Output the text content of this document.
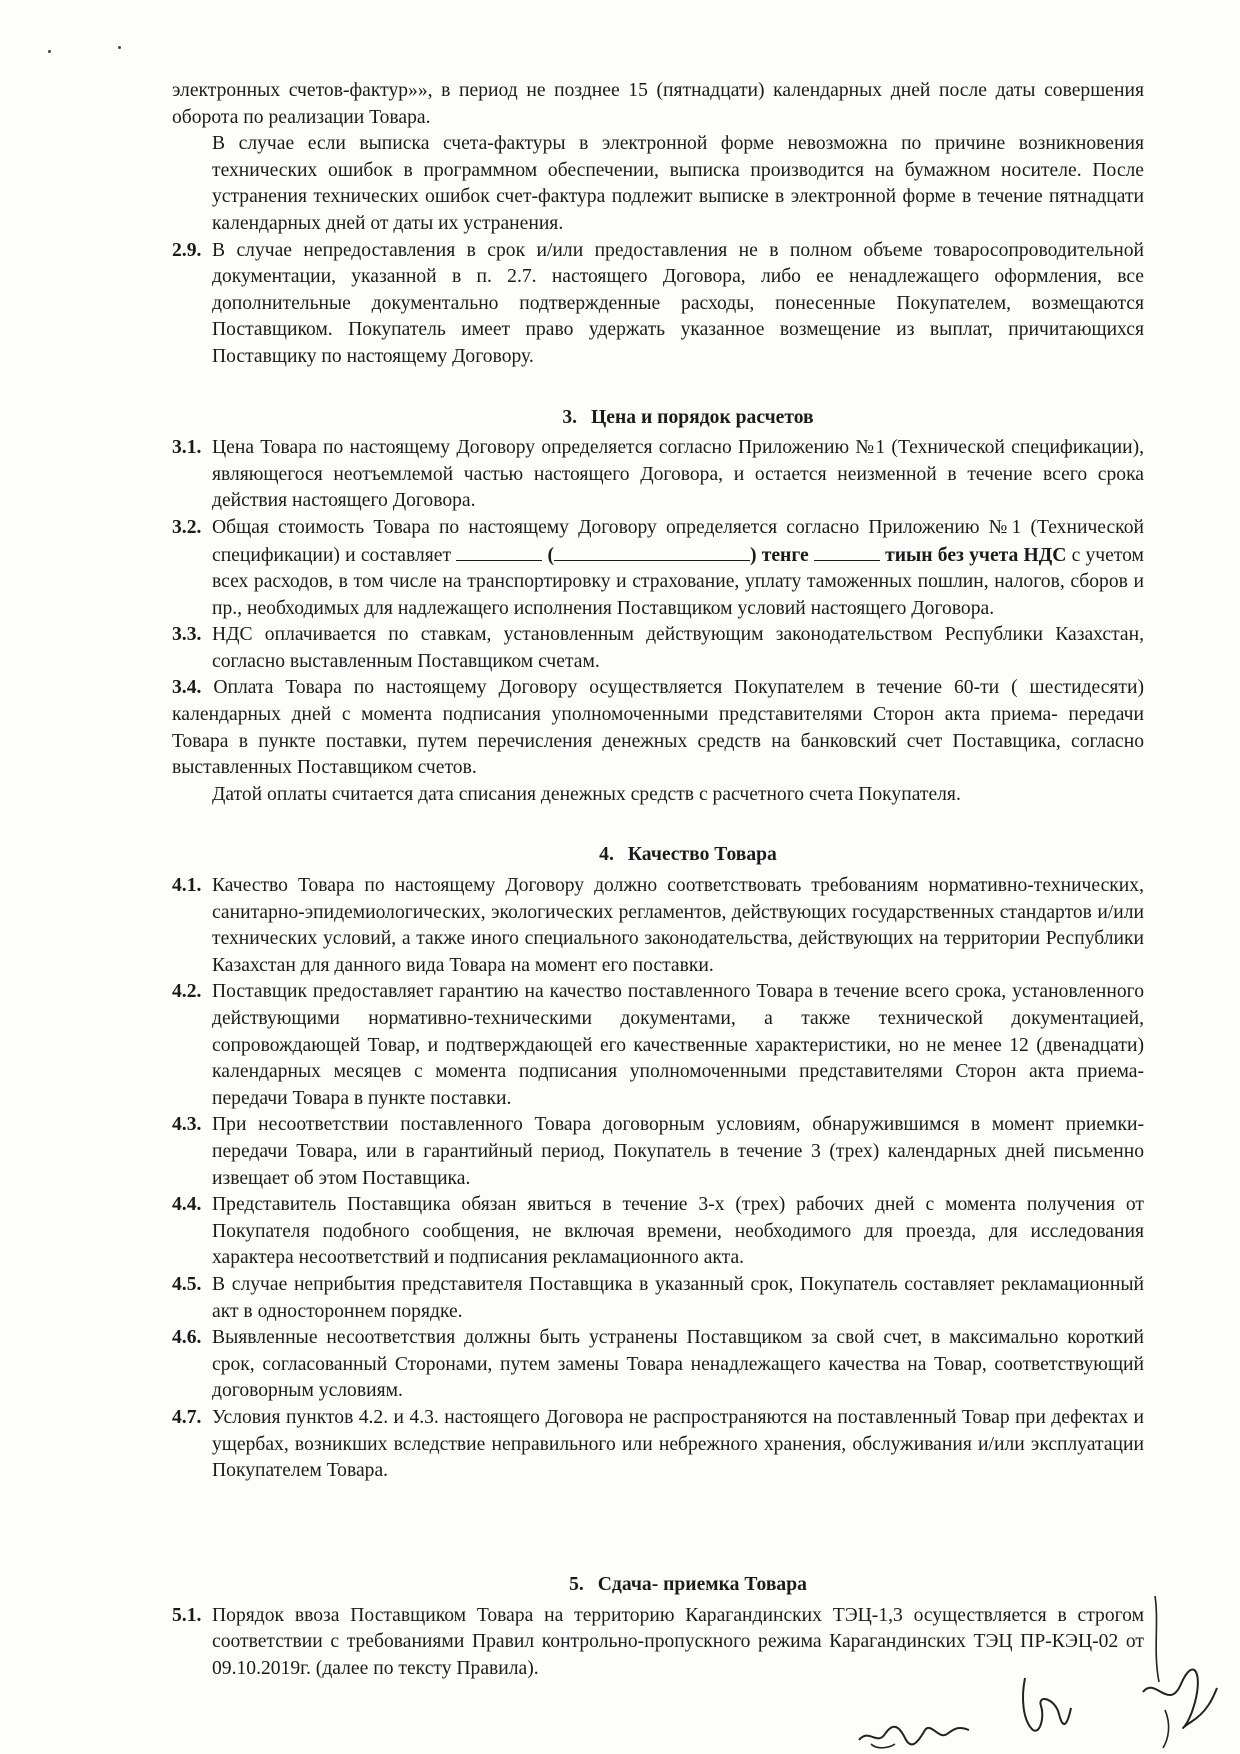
электронных счетов-фактур»», в период не позднее 15 (пятнадцати) календарных дней после даты совершения оборота по реализации Товара.

В случае если выписка счета-фактуры в электронной форме невозможна по причине возникновения технических ошибок в программном обеспечении, выписка производится на бумажном носителе. После устранения технических ошибок счет-фактура подлежит выписке в электронной форме в течение пятнадцати календарных дней от даты их устранения.

2.9. В случае непредоставления в срок и/или предоставления не в полном объеме товаросопроводительной документации, указанной в п. 2.7. настоящего Договора, либо ее ненадлежащего оформления, все дополнительные документально подтвержденные расходы, понесенные Покупателем, возмещаются Поставщиком. Покупатель имеет право удержать указанное возмещение из выплат, причитающихся Поставщику по настоящему Договору.
3. Цена и порядок расчетов
3.1. Цена Товара по настоящему Договору определяется согласно Приложению №1 (Технической спецификации), являющегося неотъемлемой частью настоящего Договора, и остается неизменной в течение всего срока действия настоящего Договора.
3.2. Общая стоимость Товара по настоящему Договору определяется согласно Приложению №1 (Технической спецификации) и составляет	(	) тенге	тиын без учета НДС с учетом всех расходов, в том числе на транспортировку и страхование, уплату таможенных пошлин, налогов, сборов и пр., необходимых для надлежащего исполнения Поставщиком условий настоящего Договора.
3.3. НДС оплачивается по ставкам, установленным действующим законодательством Республики Казахстан, согласно выставленным Поставщиком счетам.

3.4. Оплата Товара по настоящему Договору осуществляется Покупателем в течение 60-ти ( шестидесяти) календарных дней с момента подписания уполномоченными представителями Сторон акта приема- передачи Товара в пункте поставки, путем перечисления денежных средств на банковский счет Поставщика, согласно выставленных Поставщиком счетов.

Датой оплаты считается дата списания денежных средств с расчетного счета Покупателя.

4. Качество Товара
4.1. Качество Товара по настоящему Договору должно соответствовать требованиям нормативно-технических, санитарно-эпидемиологических, экологических регламентов, действующих государственных стандартов и/или технических условий, а также иного специального законодательства, действующих на территории Республики Казахстан для данного вида Товара на момент его поставки.
4.2. Поставщик предоставляет гарантию на качество поставленного Товара в течение всего срока, установленного действующими нормативно-техническими документами, а также технической документацией, сопровождающей Товар, и подтверждающей его качественные характеристики, но не менее 12 (двенадцати) календарных месяцев с момента подписания уполномоченными представителями Сторон акта приема-передачи Товара в пункте поставки.
4.3. При несоответствии поставленного Товара договорным условиям, обнаружившимся в момент приемки-передачи Товара, или в гарантийный период, Покупатель в течение 3 (трех) календарных дней письменно извещает об этом Поставщика.
4.4. Представитель Поставщика обязан явиться в течение 3-х (трех) рабочих дней с момента получения от Покупателя подобного сообщения, не включая времени, необходимого для проезда, для исследования характера несоответствий и подписания рекламационного акта.
4.5. В случае неприбытия представителя Поставщика в указанный срок, Покупатель составляет рекламационный акт в одностороннем порядке.
4.6. Выявленные несоответствия должны быть устранены Поставщиком за свой счет, в максимально короткий срок, согласованный Сторонами, путем замены Товара ненадлежащего качества на Товар, соответствующий договорным условиям.
4.7. Условия пунктов 4.2. и 4.3. настоящего Договора не распространяются на поставленный Товар при дефектах и ущербах, возникших вследствие неправильного или небрежного хранения, обслуживания и/или эксплуатации Покупателем Товара.
5. Сдача- приемка Товара
5.1. Порядок ввоза Поставщиком Товара на территорию Карагандинских ТЭЦ-1,3 осуществляется в строгом соответствии с требованиями Правил контрольно-пропускного режима Карагандинских ТЭЦ ПР-КЭЦ-02 от 09.10.2019г. (далее по тексту Правила).
